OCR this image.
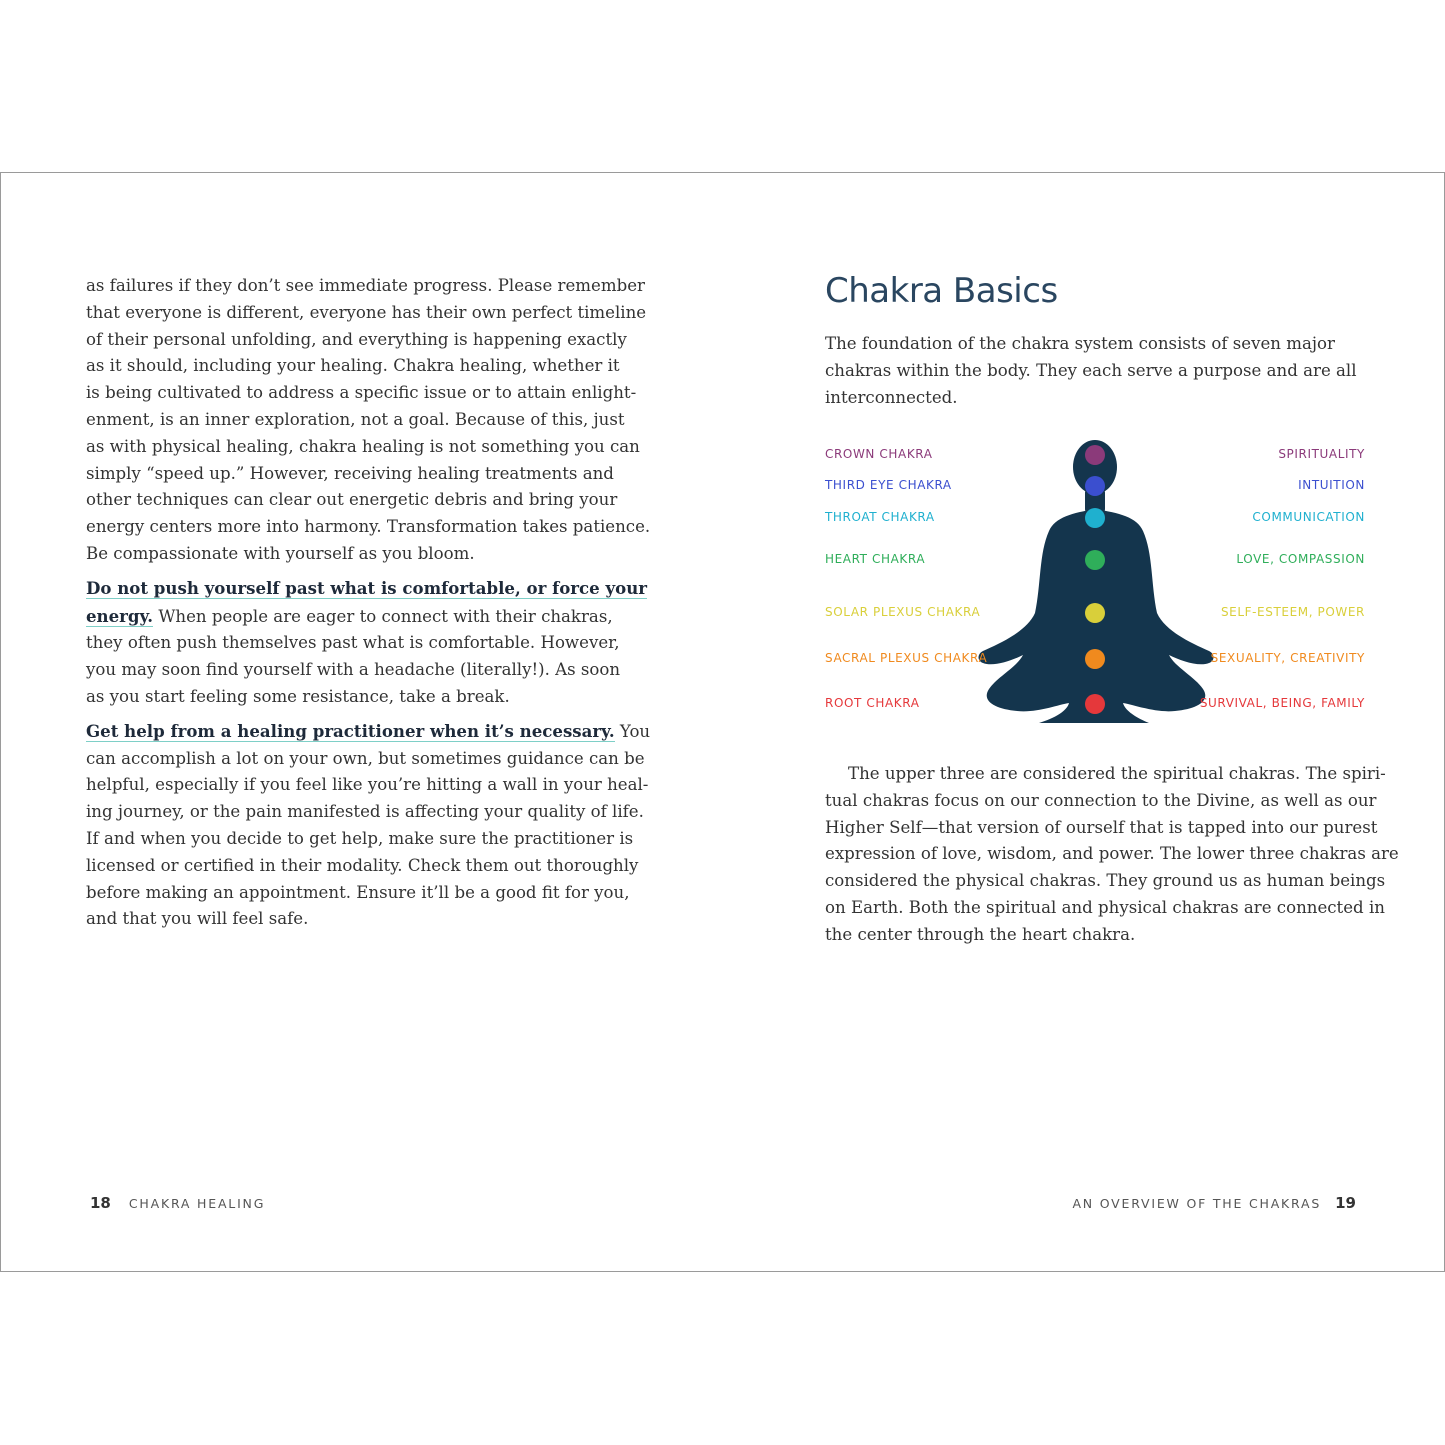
as failures if they don’t see immediate progress. Please remember
that everyone is different, everyone has their own perfect timeline
of their personal unfolding, and everything is happening exactly
as it should, including your healing. Chakra healing, whether it
is being cultivated to address a specific issue or to attain enlight-
enment, is an inner exploration, not a goal. Because of this, just
as with physical healing, chakra healing is not something you can
simply “speed up.” However, receiving healing treatments and
other techniques can clear out energetic debris and bring your
energy centers more into harmony. Transformation takes patience.
Be compassionate with yourself as you bloom.

Do not push yourself past what is comfortable, or force your
energy. When people are eager to connect with their chakras,
they often push themselves past what is comfortable. However,
you may soon find yourself with a headache (literally!). As soon
as you start feeling some resistance, take a break.

Get help from a healing practitioner when it’s necessary. You
can accomplish a lot on your own, but sometimes guidance can be
helpful, especially if you feel like you’re hitting a wall in your heal-
ing journey, or the pain manifested is affecting your quality of life.
If and when you decide to get help, make sure the practitioner is
licensed or certified in their modality. Check them out thoroughly
before making an appointment. Ensure it’ll be a good fit for you,
and that you will feel safe.

18 CHAKRA HEALING
Chakra Basics

The foundation of the chakra system consists of seven major
chakras within the body. They each serve a purpose and are all
interconnected.

CROWN CHAKRA
THIRD EYE CHAKRA
THROAT CHAKRA
HEART CHAKRA
SOLAR PLEXUS CHAKRA
SACRAL PLEXUS CHAKRA
ROOT CHAKRA
SPIRITUALITY
INTUITION
COMMUNICATION
LOVE, COMPASSION
SELF-ESTEEM, POWER
SEXUALITY, CREATIVITY
SURVIVAL, BEING, FAMILY

The upper three are considered the spiritual chakras. The spiri-
tual chakras focus on our connection to the Divine, as well as our
Higher Self—that version of ourself that is tapped into our purest
expression of love, wisdom, and power. The lower three chakras are
considered the physical chakras. They ground us as human beings
on Earth. Both the spiritual and physical chakras are connected in
the center through the heart chakra.

AN OVERVIEW OF THE CHAKRAS 19
